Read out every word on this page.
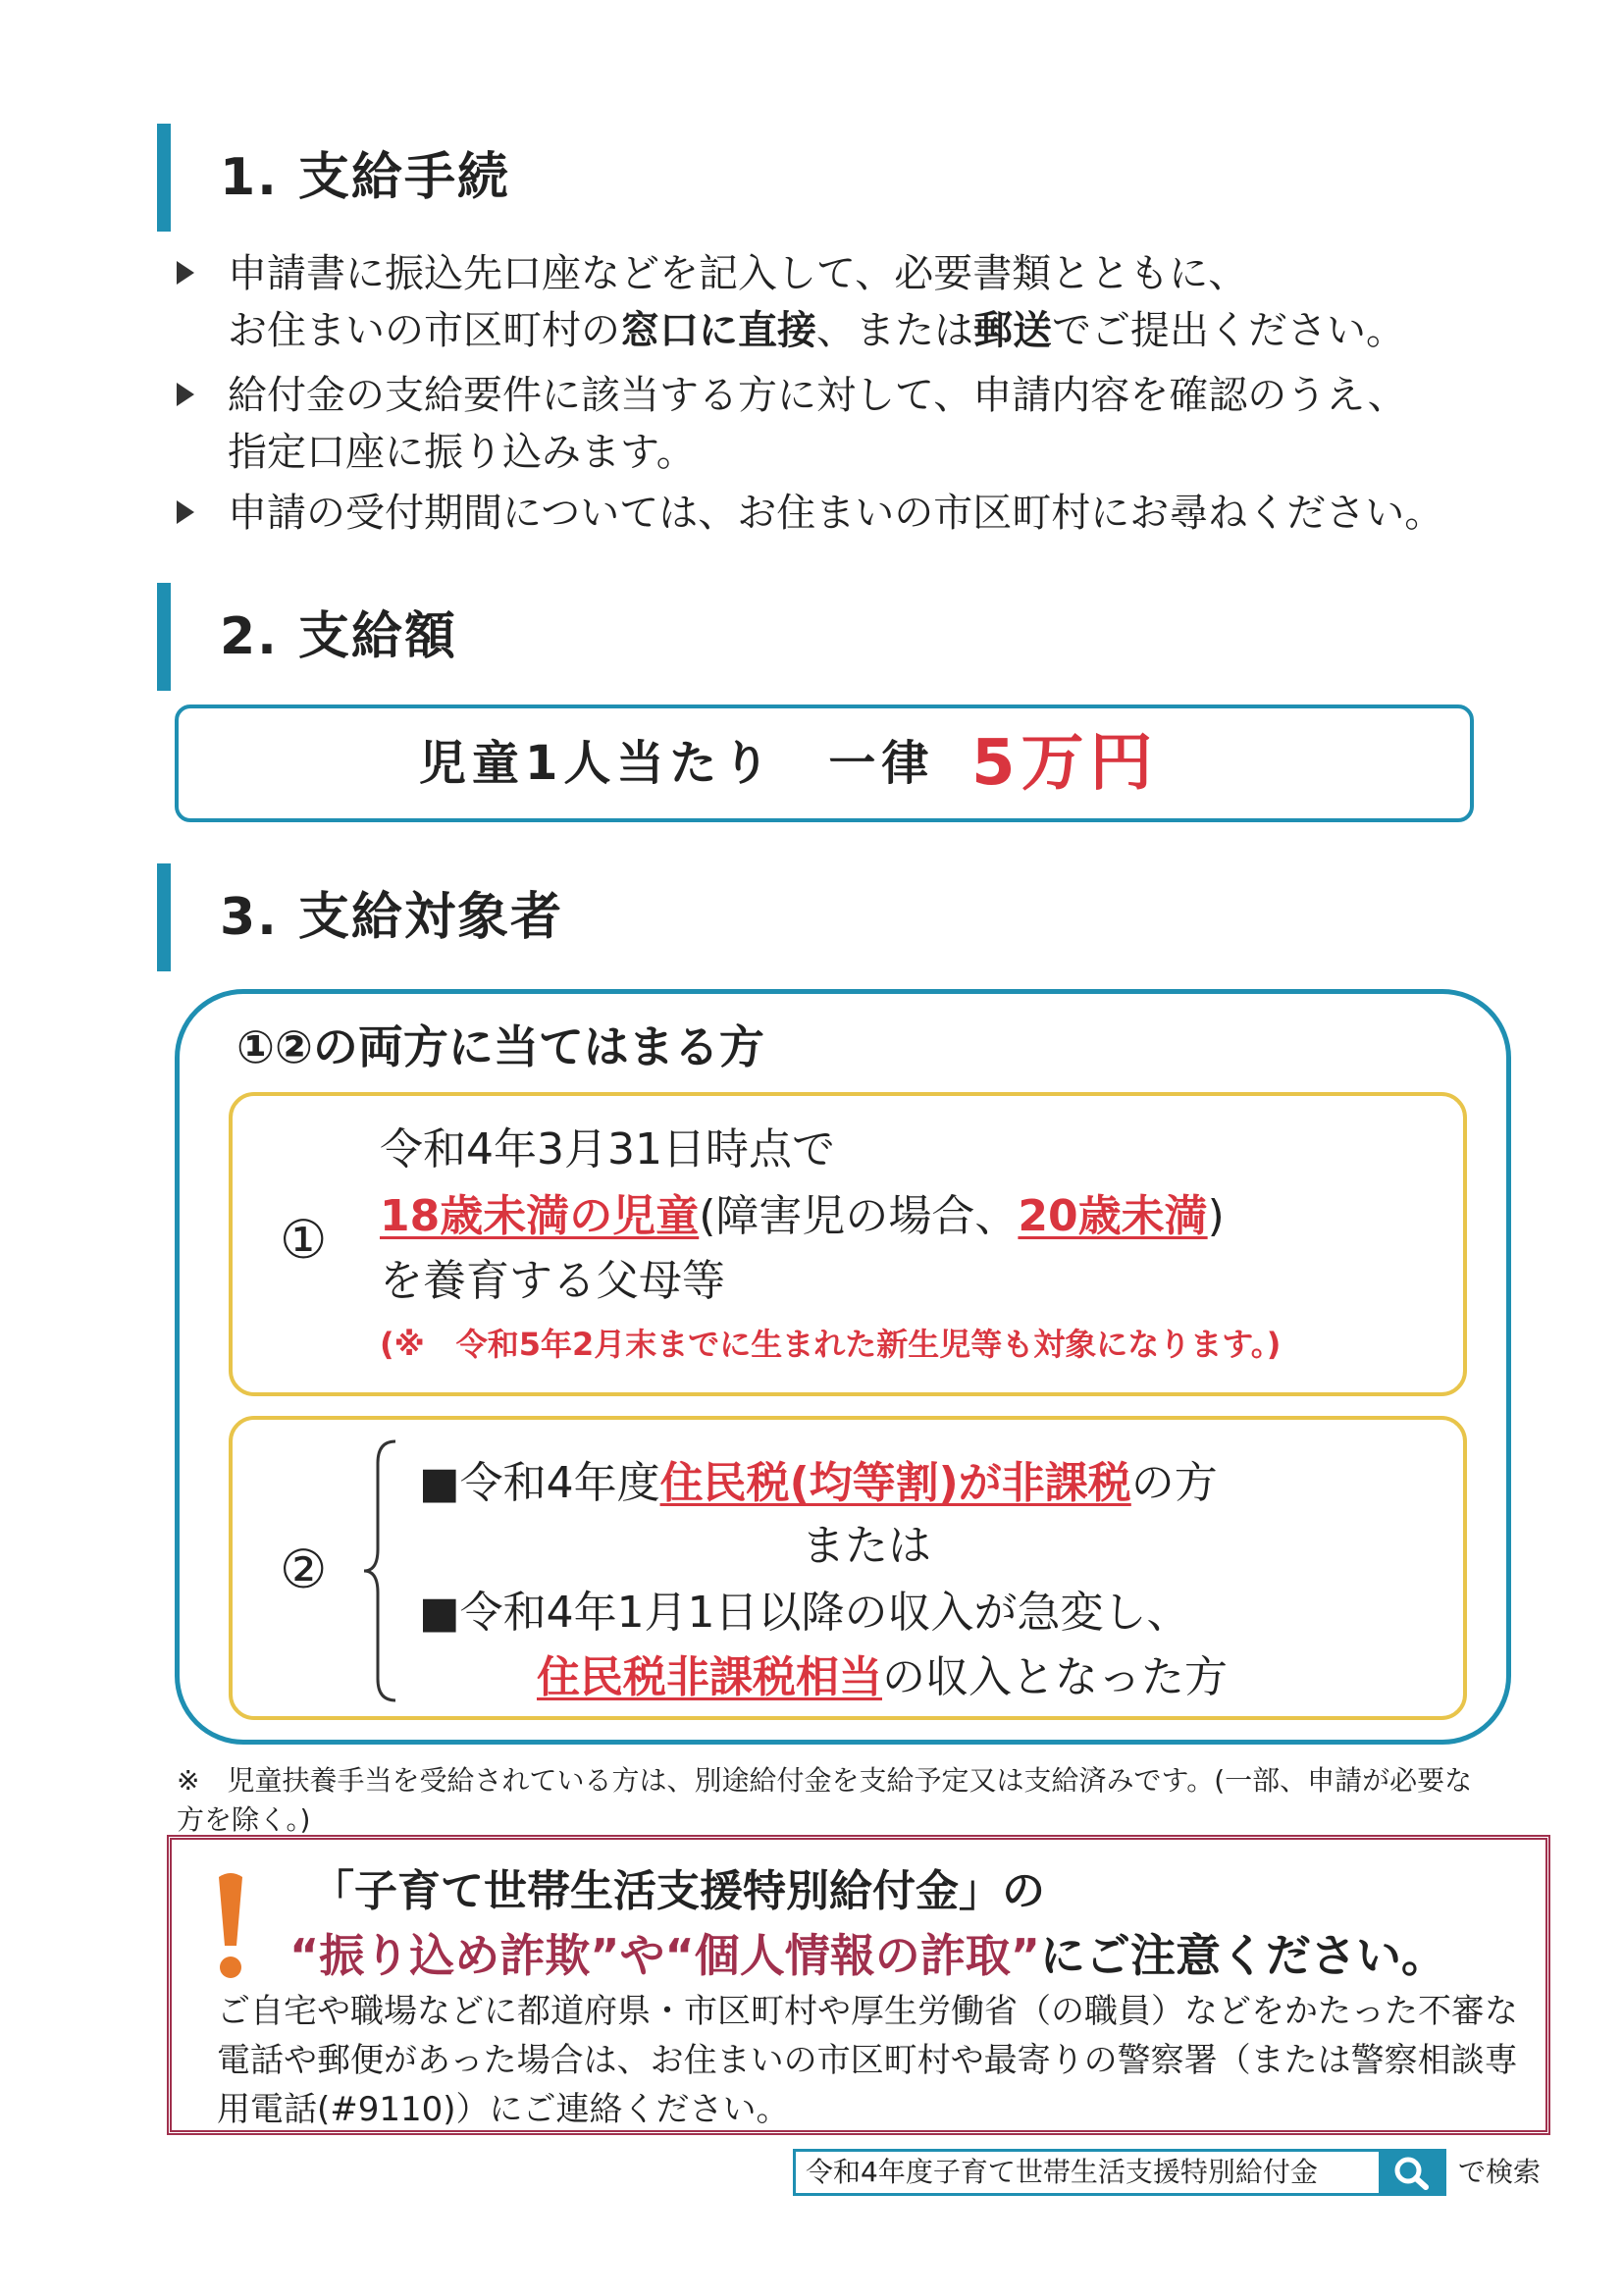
1. 支給手続
申請書に振込先口座などを記入して、必要書類とともに、
お住まいの市区町村の窓口に直接、または郵送でご提出ください。
給付金の支給要件に該当する方に対して、申請内容を確認のうえ、
指定口座に振り込みます。
申請の受付期間については、お住まいの市区町村にお尋ねください。
2. 支給額
児童1人当たり　一律 5万円
3. 支給対象者
①②の両方に当てはまる方
①
令和4年3月31日時点で
18歳未満の児童(障害児の場合、20歳未満)
を養育する父母等
(※　令和5年2月末までに生まれた新生児等も対象になります。)
②
■令和4年度住民税(均等割)が非課税の方
または
■令和4年1月1日以降の収入が急変し、
住民税非課税相当の収入となった方
※　児童扶養手当を受給されている方は、別途給付金を支給予定又は支給済みです。(一部、申請が必要な方を除く。)
「子育て世帯生活支援特別給付金」の
“振り込め詐欺”や“個人情報の詐取”にご注意ください。
ご自宅や職場などに都道府県・市区町村や厚生労働省（の職員）などをかたった不審な電話や郵便があった場合は、お住まいの市区町村や最寄りの警察署（または警察相談専用電話(#9110)）にご連絡ください。
令和4年度子育て世帯生活支援特別給付金	で検索
